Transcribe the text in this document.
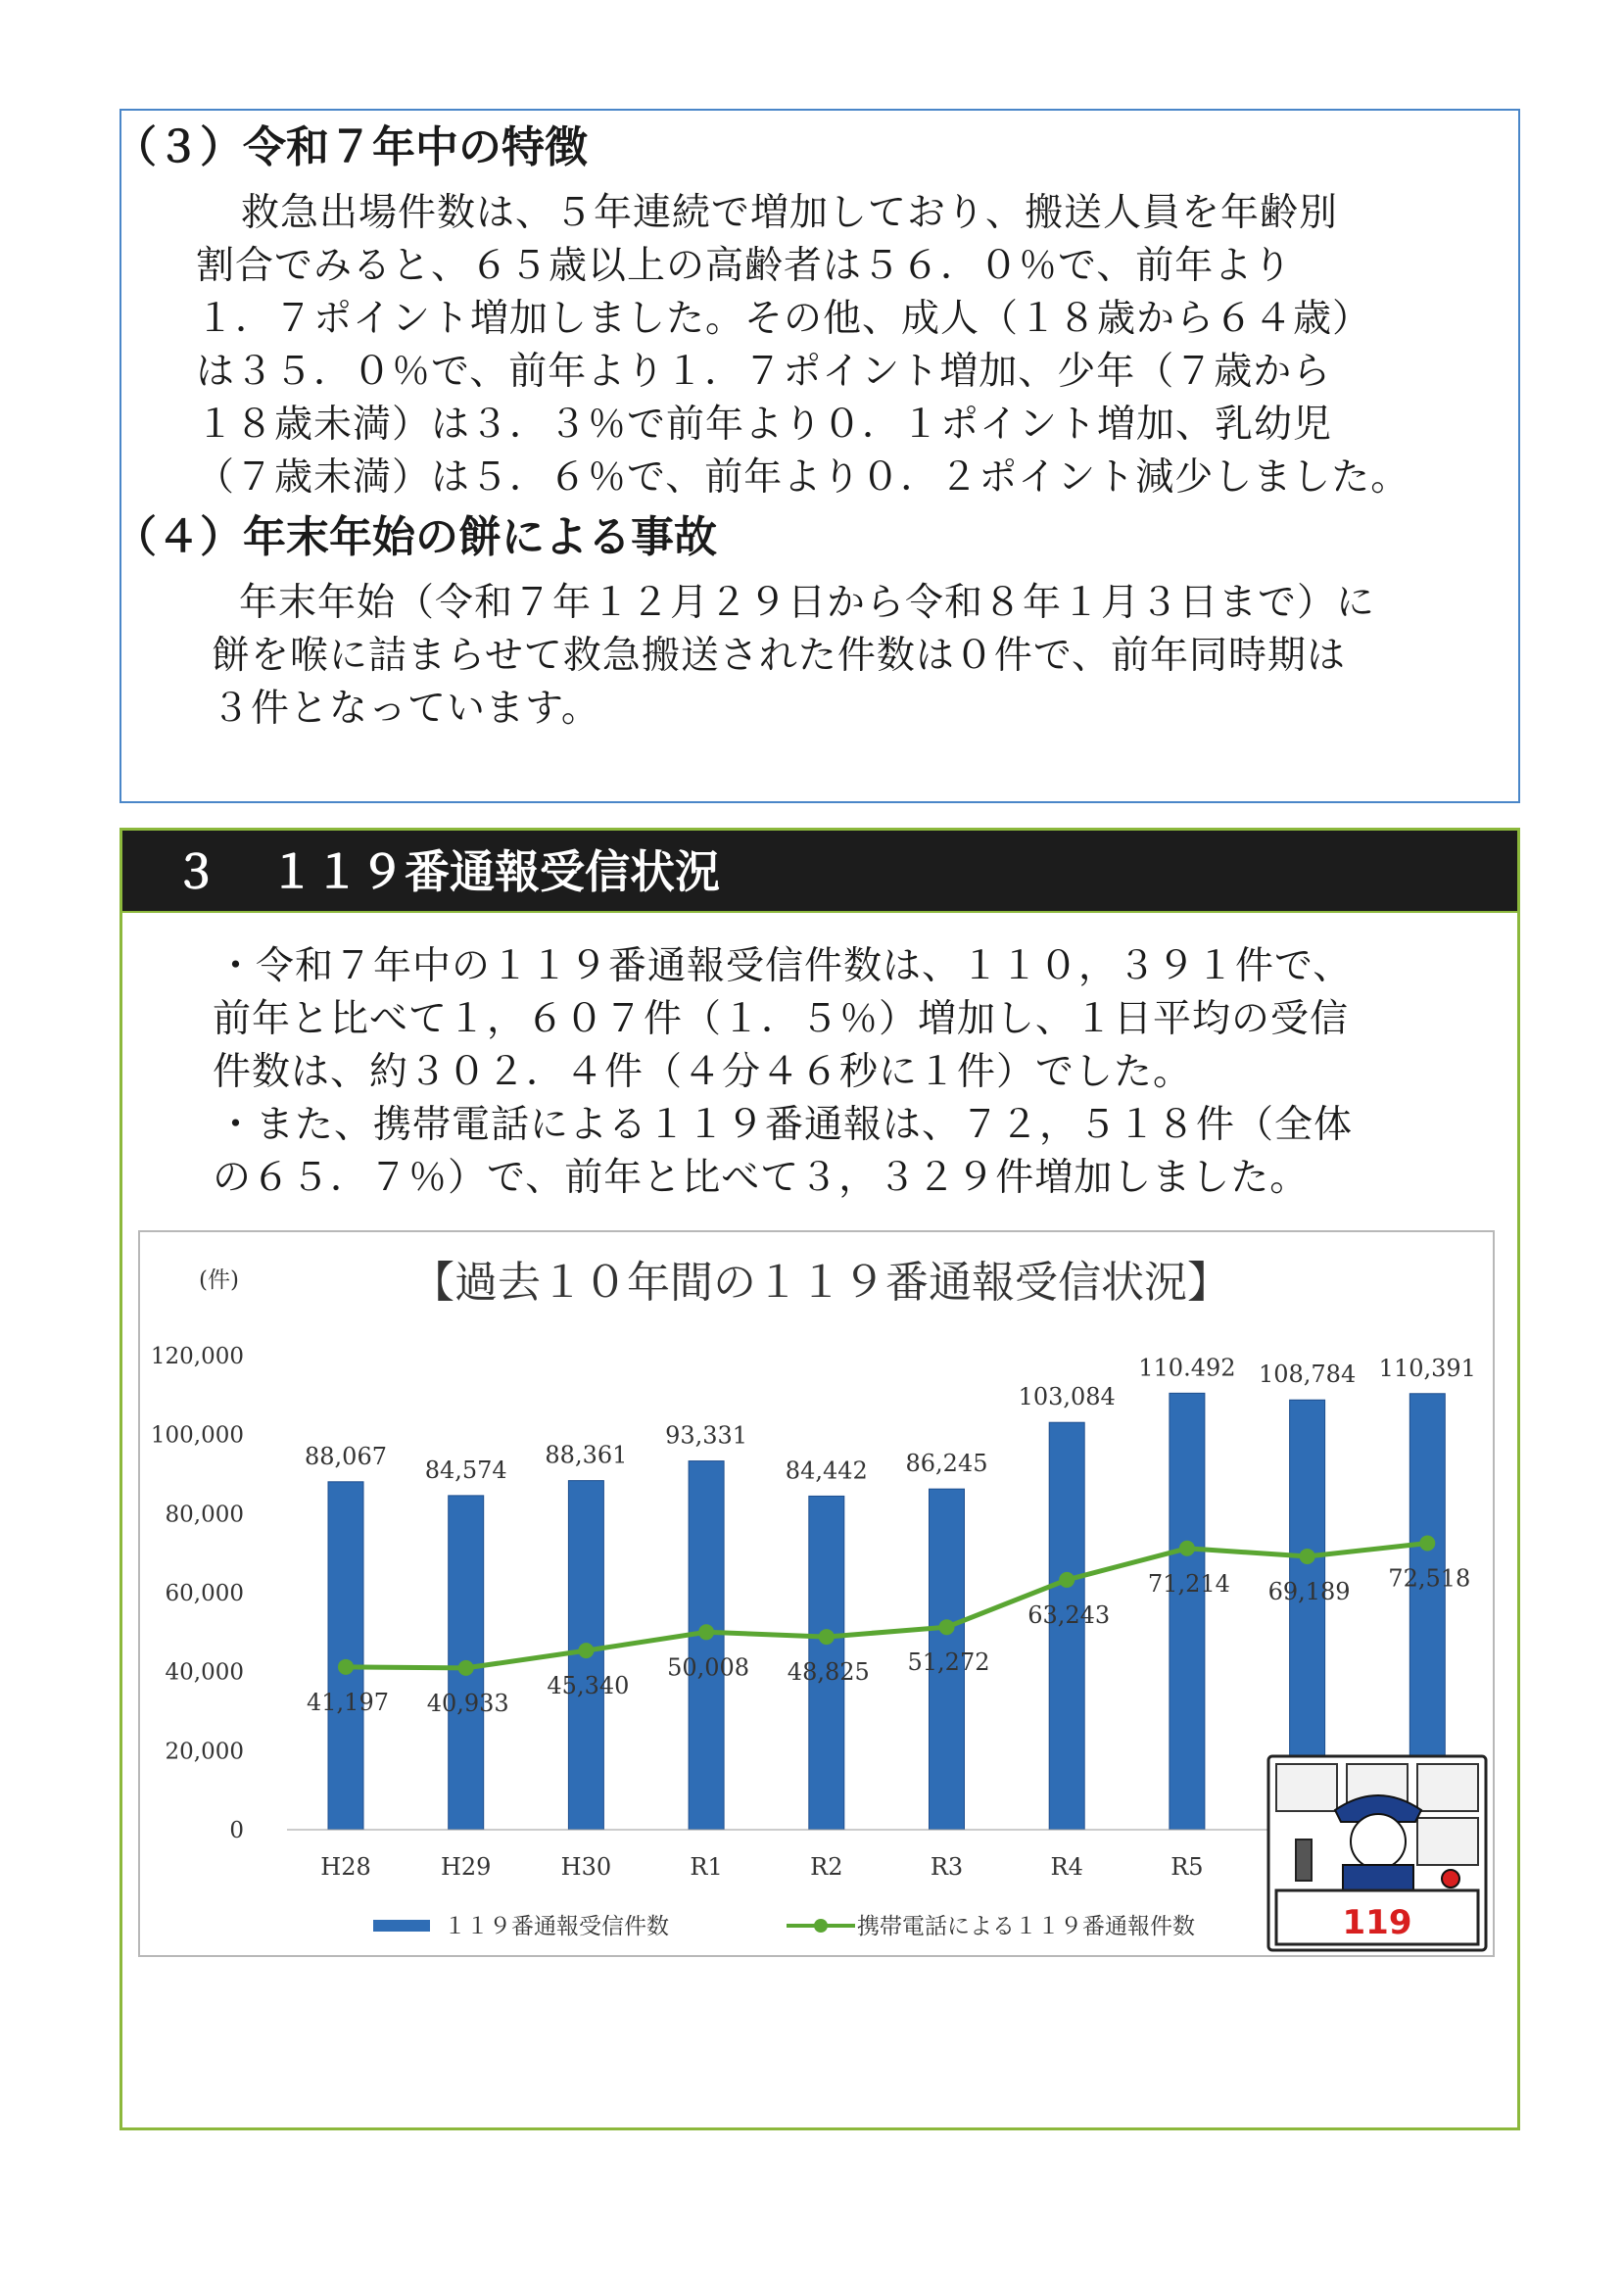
（３）令和７年中の特徴
救急出場件数は、５年連続で増加しており、搬送人員を年齢別
割合でみると、６５歳以上の高齢者は５６．０％で、前年より
１．７ポイント増加しました。その他、成人（１８歳から６４歳）
は３５．０％で、前年より１．７ポイント増加、少年（７歳から
１８歳未満）は３．３％で前年より０．１ポイント増加、乳幼児
（７歳未満）は５．６％で、前年より０．２ポイント減少しました。
（４）年末年始の餅による事故
年末年始（令和７年１２月２９日から令和８年１月３日まで）に
餅を喉に詰まらせて救急搬送された件数は０件で、前年同時期は
３件となっています。
３ １１９番通報受信状況
・令和７年中の１１９番通報受信件数は、１１０，３９１件で、
前年と比べて１，６０７件（１．５％）増加し、１日平均の受信
件数は、約３０２．４件（４分４６秒に１件）でした。
・また、携帯電話による１１９番通報は、７２，５１８件（全体
の６５．７％）で、前年と比べて３，３２９件増加しました。
【過去１０年間の１１９番通報受信状況】
(件)
0
20,000
40,000
60,000
80,000
100,000
120,000
88,067
84,574
88,361
93,331
84,442 86,245
103,084
110.492 108,784 110,391
41,197 40,933
45,340
50,008 48,825 51,272
63,243
71,214 69,189 72,518
H28	H29	H30	R1	R2	R3	R4	R5
１１９番通報受信件数	携帯電話による１１９番通報件数	119
